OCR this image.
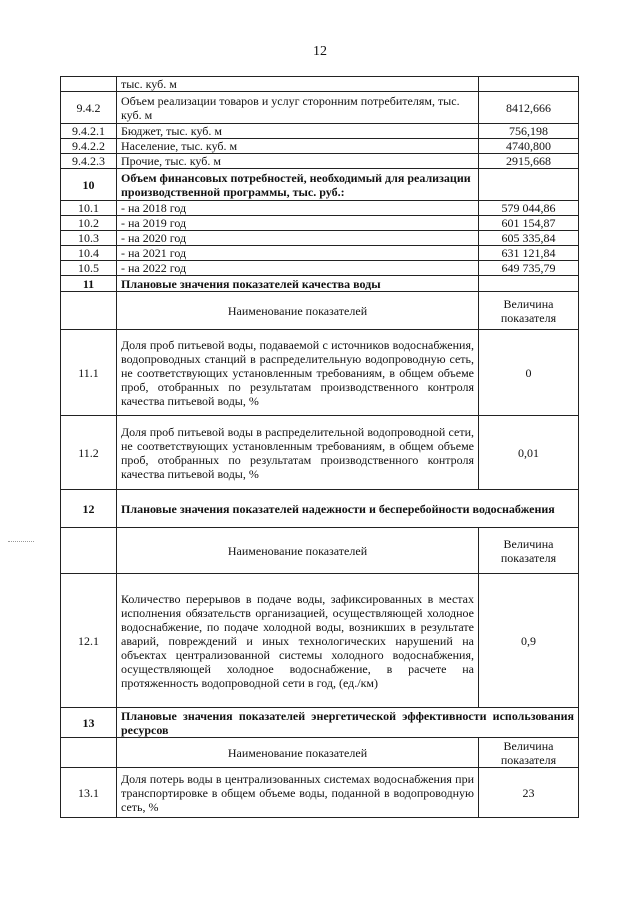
12
	тыс. куб. м	
9.4.2	Объем реализации товаров и услуг сторонним потребителям, тыс. куб. м	8412,666
9.4.2.1	Бюджет, тыс. куб. м	756,198
9.4.2.2	Население, тыс. куб. м	4740,800
9.4.2.3	Прочие, тыс. куб. м	2915,668
10	Объем финансовых потребностей, необходимый для реализации производственной программы, тыс. руб.:	
10.1	- на 2018 год	579 044,86
10.2	- на 2019 год	601 154,87
10.3	- на 2020 год	605 335,84
10.4	- на 2021 год	631 121,84
10.5	- на 2022 год	649 735,79
11	Плановые значения показателей качества воды	
	Наименование показателей	Величина показателя
11.1	Доля проб питьевой воды, подаваемой с источников водоснабжения, водопроводных станций в распределительную водопроводную сеть, не соответствующих установленным требованиям, в общем объеме проб, отобранных по результатам производственного контроля качества питьевой воды, %	0
11.2	Доля проб питьевой воды в распределительной водопроводной сети, не соответствующих установленным требованиям, в общем объеме проб, отобранных по результатам производственного контроля качества питьевой воды, %	0,01
12	Плановые значения показателей надежности и бесперебойности водоснабжения	
	Наименование показателей	Величина показателя
12.1	Количество перерывов в подаче воды, зафиксированных в местах исполнения обязательств организацией, осуществляющей холодное водоснабжение, по подаче холодной воды, возникших в результате аварий, повреждений и иных технологических нарушений на объектах централизованной системы холодного водоснабжения, осуществляющей холодное водоснабжение, в расчете на протяженность водопроводной сети в год, (ед./км)	0,9
13	Плановые значения показателей энергетической эффективности использования ресурсов	
	Наименование показателей	Величина показателя
13.1	Доля потерь воды в централизованных системах водоснабжения при транспортировке в общем объеме воды, поданной в водопроводную сеть, %	23
